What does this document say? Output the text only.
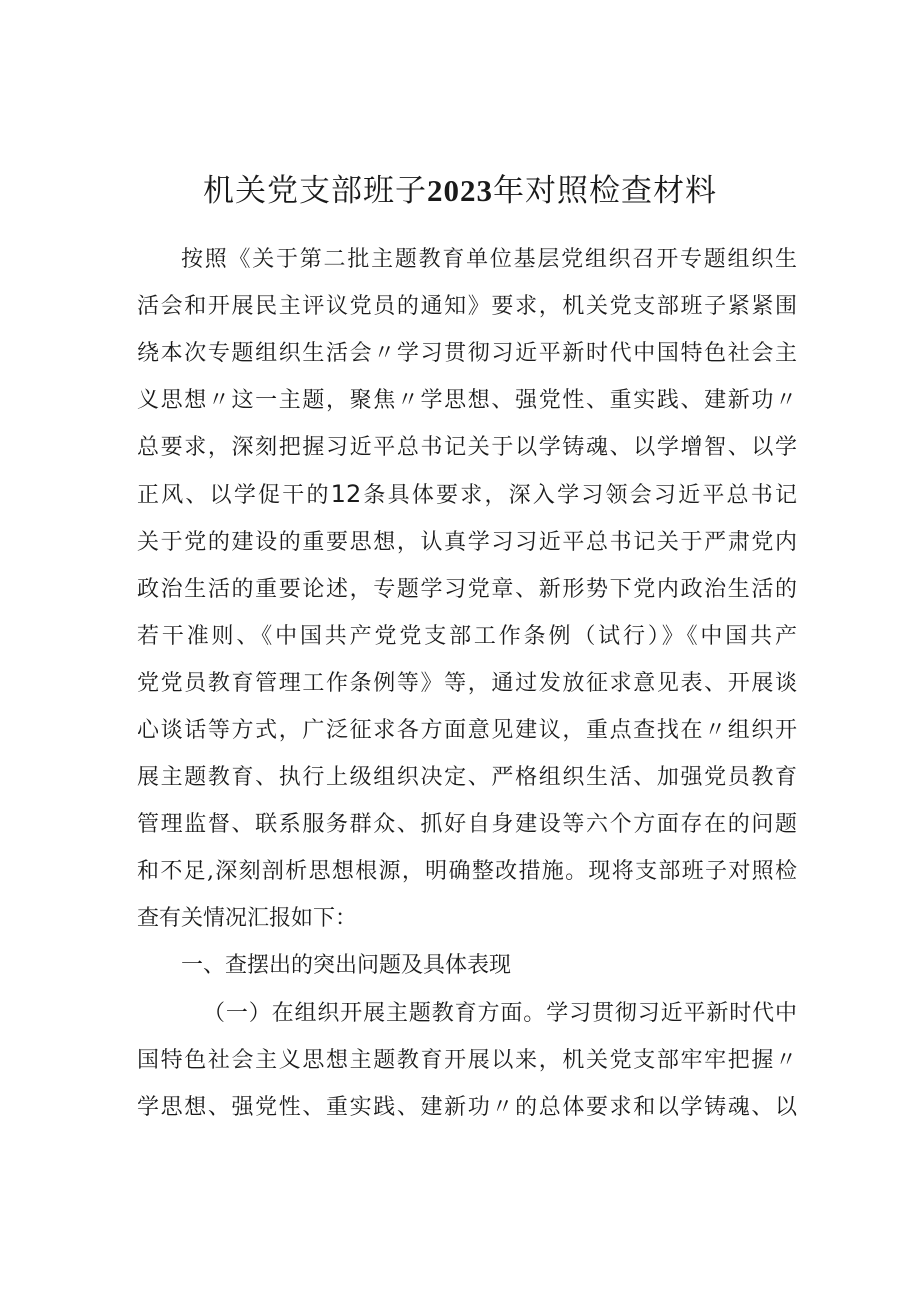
机关党支部班子2023年对照检查材料
按照《关于第二批主题教育单位基层党组织召开专题组织生
活会和开展民主评议党员的通知》要求，机关党支部班子紧紧围
绕本次专题组织生活会〃学习贯彻习近平新时代中国特色社会主
义思想〃这一主题，聚焦〃学思想、强党性、重实践、建新功〃
总要求，深刻把握习近平总书记关于以学铸魂、以学增智、以学
正风、以学促干的12条具体要求，深入学习领会习近平总书记
关于党的建设的重要思想，认真学习习近平总书记关于严肃党内
政治生活的重要论述，专题学习党章、新形势下党内政治生活的
若干准则、《中国共产党党支部工作条例（试行）》《中国共产
党党员教育管理工作条例等》等，通过发放征求意见表、开展谈
心谈话等方式，广泛征求各方面意见建议，重点查找在〃组织开
展主题教育、执行上级组织决定、严格组织生活、加强党员教育
管理监督、联系服务群众、抓好自身建设等六个方面存在的问题
和不足,深刻剖析思想根源，明确整改措施。现将支部班子对照检
查有关情况汇报如下：
一、查摆出的突出问题及具体表现
（一）在组织开展主题教育方面。学习贯彻习近平新时代中
国特色社会主义思想主题教育开展以来，机关党支部牢牢把握〃
学思想、强党性、重实践、建新功〃的总体要求和以学铸魂、以
